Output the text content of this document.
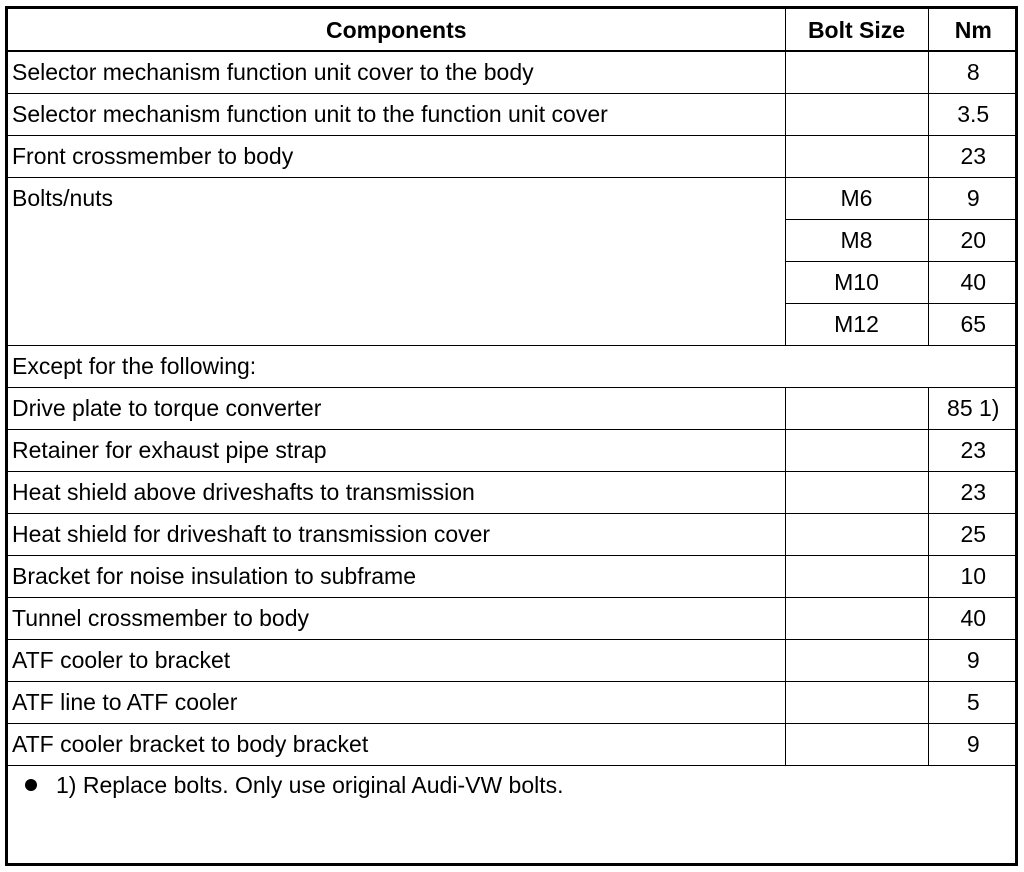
Components	Bolt Size	Nm
Selector mechanism function unit cover to the body		8
Selector mechanism function unit to the function unit cover		3.5
Front crossmember to body		23
Bolts/nuts	M6	9
	M8	20
	M10	40
	M12	65
Except for the following:		
Drive plate to torque converter		85 1)
Retainer for exhaust pipe strap		23
Heat shield above driveshafts to transmission		23
Heat shield for driveshaft to transmission cover		25
Bracket for noise insulation to subframe		10
Tunnel crossmember to body		40
ATF cooler to bracket		9
ATF line to ATF cooler		5
ATF cooler bracket to body bracket		9
1) Replace bolts. Only use original Audi-VW bolts.
